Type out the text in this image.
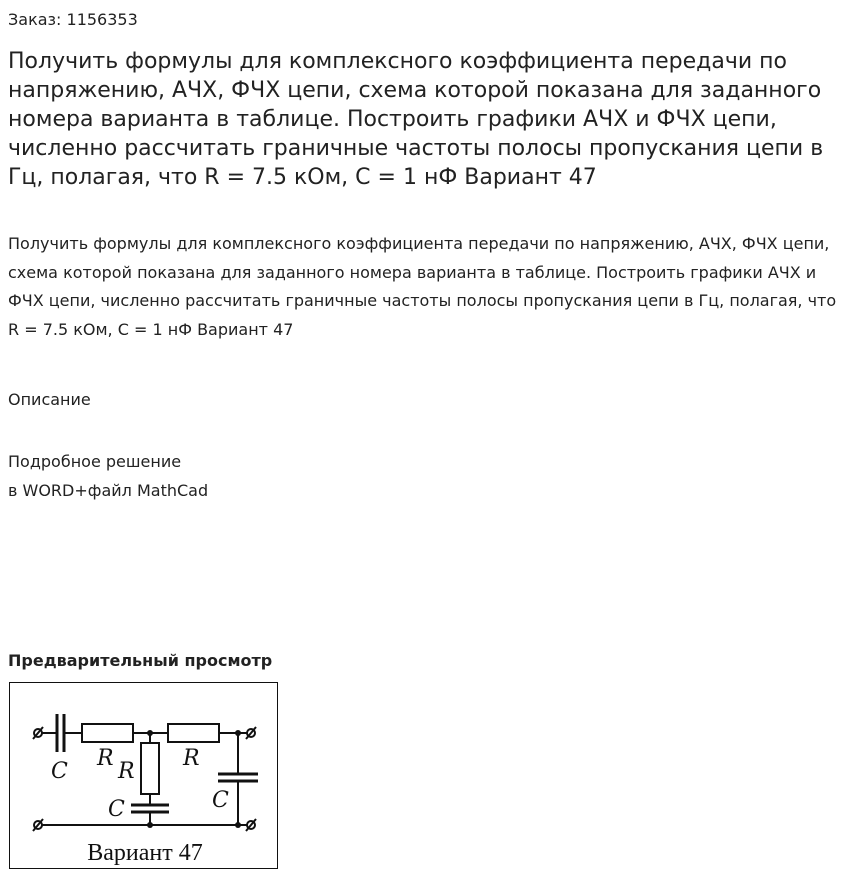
Заказ: 1156353
Получить формулы для комплексного коэффициента передачи по напряжению, АЧХ, ФЧХ цепи, схема которой показана для заданного номера варианта в таблице. Построить графики АЧХ и ФЧХ цепи, численно рассчитать граничные частоты полосы пропускания цепи в Гц, полагая, что R = 7.5 кОм, C = 1 нФ Вариант 47

Получить формулы для комплексного коэффициента передачи по напряжению, АЧХ, ФЧХ цепи, схема которой показана для заданного номера варианта в таблице. Построить графики АЧХ и ФЧХ цепи, численно рассчитать граничные частоты полосы пропускания цепи в Гц, полагая, что R = 7.5 кОм, C = 1 нФ Вариант 47

Описание
Подробное решение
в WORD+файл MathCad
Предварительный просмотр
C
R
R
R
C	C
Вариант 47
